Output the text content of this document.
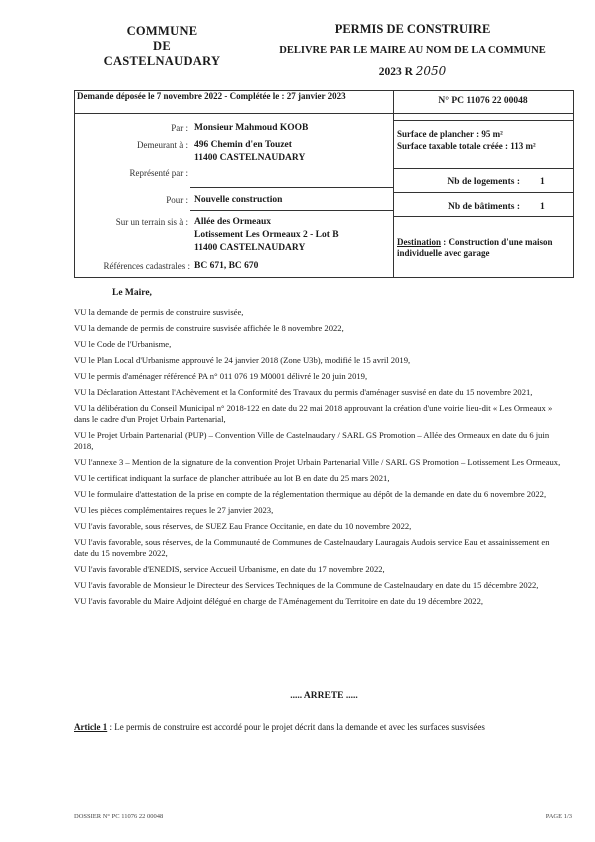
COMMUNE
DE
CASTELNAUDARY
PERMIS DE CONSTRUIRE
DELIVRE PAR LE MAIRE AU NOM DE LA COMMUNE
2023 R 2050
Demande déposée le 7 novembre 2022 - Complétée le : 27 janvier 2023	N° PC 11076 22 00048
Par : Monsieur Mahmoud KOOB
Demeurant à : 496 Chemin d'en Touzet
11400 CASTELNAUDARY
Représenté par :
Pour : Nouvelle construction
Sur un terrain sis à : Allée des Ormeaux
Lotissement Les Ormeaux 2 - Lot B
11400 CASTELNAUDARY
Références cadastrales : BC 671, BC 670
Surface de plancher : 95 m²
Surface taxable totale créée : 113 m²
Nb de logements : 1
Nb de bâtiments : 1
Destination : Construction d'une maison individuelle avec garage
Le Maire,

VU la demande de permis de construire susvisée,

VU la demande de permis de construire susvisée affichée le 8 novembre 2022,

VU le Code de l'Urbanisme,

VU le Plan Local d'Urbanisme approuvé le 24 janvier 2018 (Zone U3b), modifié le 15 avril 2019,

VU le permis d'aménager référencé PA n° 011 076 19 M0001 délivré le 20 juin 2019,

VU la Déclaration Attestant l'Achèvement et la Conformité des Travaux du permis d'aménager susvisé en date du 15 novembre 2021,

VU la délibération du Conseil Municipal n° 2018-122 en date du 22 mai 2018 approuvant la création d'une voirie lieu-dit « Les Ormeaux » dans le cadre d'un Projet Urbain Partenarial,

VU le Projet Urbain Partenarial (PUP) – Convention Ville de Castelnaudary / SARL GS Promotion – Allée des Ormeaux en date du 6 juin 2018,

VU l'annexe 3 – Mention de la signature de la convention Projet Urbain Partenarial Ville / SARL GS Promotion – Lotissement Les Ormeaux,

VU le certificat indiquant la surface de plancher attribuée au lot B en date du 25 mars 2021,

VU le formulaire d'attestation de la prise en compte de la réglementation thermique au dépôt de la demande en date du 6 novembre 2022,

VU les pièces complémentaires reçues le 27 janvier 2023,

VU l'avis favorable, sous réserves, de SUEZ Eau France Occitanie, en date du 10 novembre 2022,

VU l'avis favorable, sous réserves, de la Communauté de Communes de Castelnaudary Lauragais Audois service Eau et assainissement en date du 15 novembre 2022,

VU l'avis favorable d'ENEDIS, service Accueil Urbanisme, en date du 17 novembre 2022,

VU l'avis favorable de Monsieur le Directeur des Services Techniques de la Commune de Castelnaudary en date du 15 décembre 2022,

VU l'avis favorable du Maire Adjoint délégué en charge de l'Aménagement du Territoire en date du 19 décembre 2022,

..... ARRETE .....
Article 1 : Le permis de construire est accordé pour le projet décrit dans la demande et avec les surfaces susvisées
DOSSIER N° PC 11076 22 00048	PAGE 1/3
